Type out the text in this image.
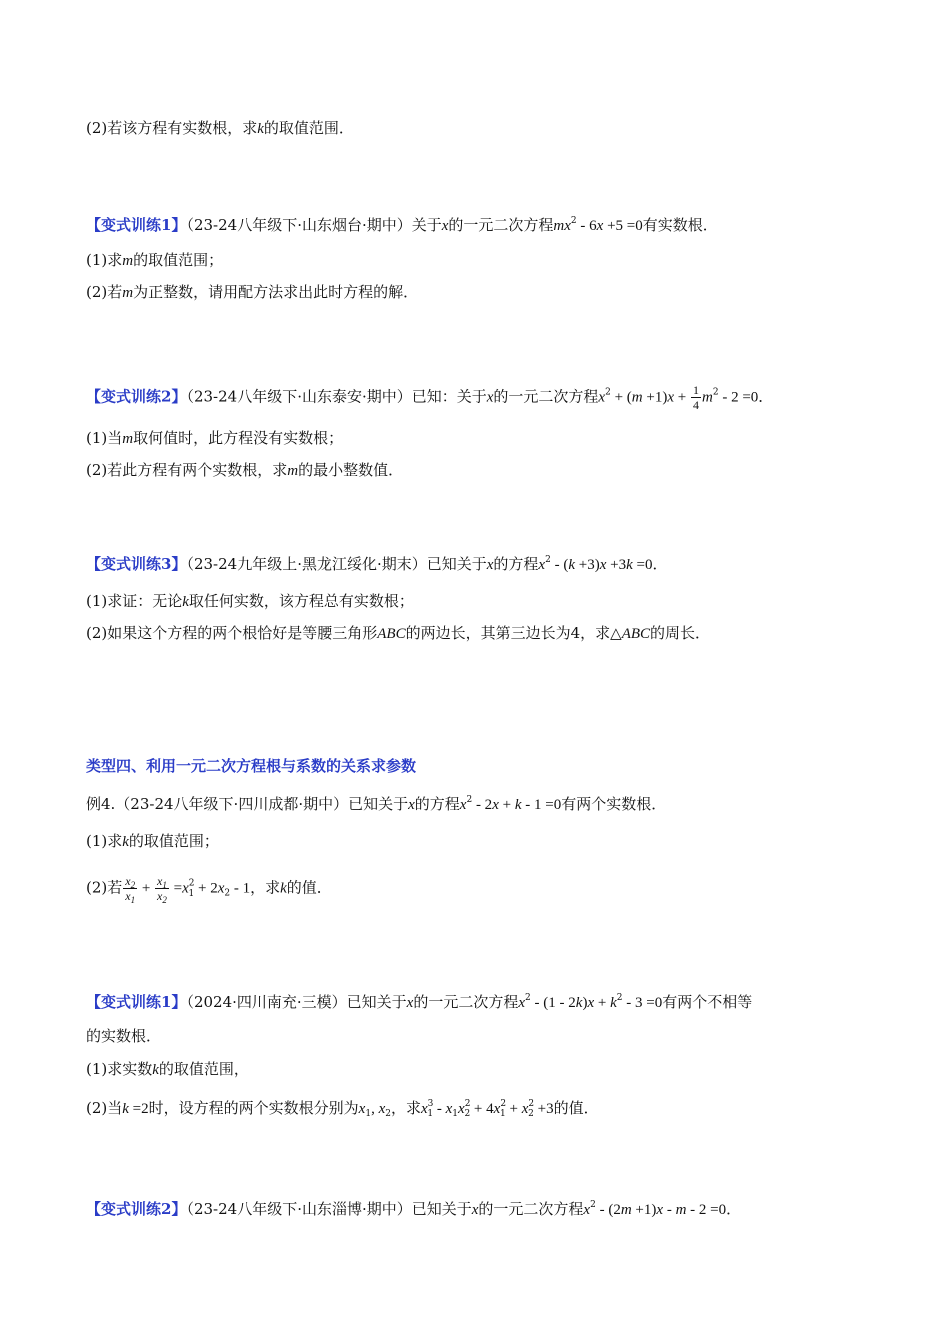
(2)若该方程有实数根，求k的取值范围．
【变式训练1】（23-24八年级下·山东烟台·期中）关于x的一元二次方程$mx^2 - 6x +5 =0$有实数根．
(1)求m的取值范围；
(2)若m为正整数，请用配方法求出此时方程的解．
【变式训练2】（23-24八年级下·山东泰安·期中）已知：关于x的一元二次方程$x^2 + (m +1)x + \frac{1}{4} m^2 - 2 =0$．
(1)当m取何值时，此方程没有实数根；
(2)若此方程有两个实数根，求m的最小整数值．
【变式训练3】（23-24九年级上·黑龙江绥化·期末）已知关于x的方程$x^2 - (k +3)x +3k =0$．
(1)求证：无论k取任何实数，该方程总有实数根；
(2)如果这个方程的两个根恰好是等腰三角形ABC的两边长，其第三边长为4，求△ABC的周长．
类型四、利用一元二次方程根与系数的关系求参数
例4.（23-24八年级下·四川成都·期中）已知关于x的方程$x^2 - 2x + k - 1 =0$有两个实数根．
(1)求k的取值范围；
(2)若 $\frac{x_2}{x_1} + \frac{x_1}{x_2} =x^2_1 + 2x_2 - 1$，求k的值．
【变式训练1】（2024·四川南充·三模）已知关于x的一元二次方程$x^2 - (1 - 2k)x + k^2 - 3 =0$有两个不相等
的实数根．
(1)求实数k的取值范围，
(2)当k =2时，设方程的两个实数根分别为$x_1$, $x_2$，求$x^3_1 - x_1x^2_2 + 4x^2_1 + x^2_2 +3$的值．
【变式训练2】（23-24八年级下·山东淄博·期中）已知关于x的一元二次方程$x^2 - (2m +1)x - m - 2 =0$．
